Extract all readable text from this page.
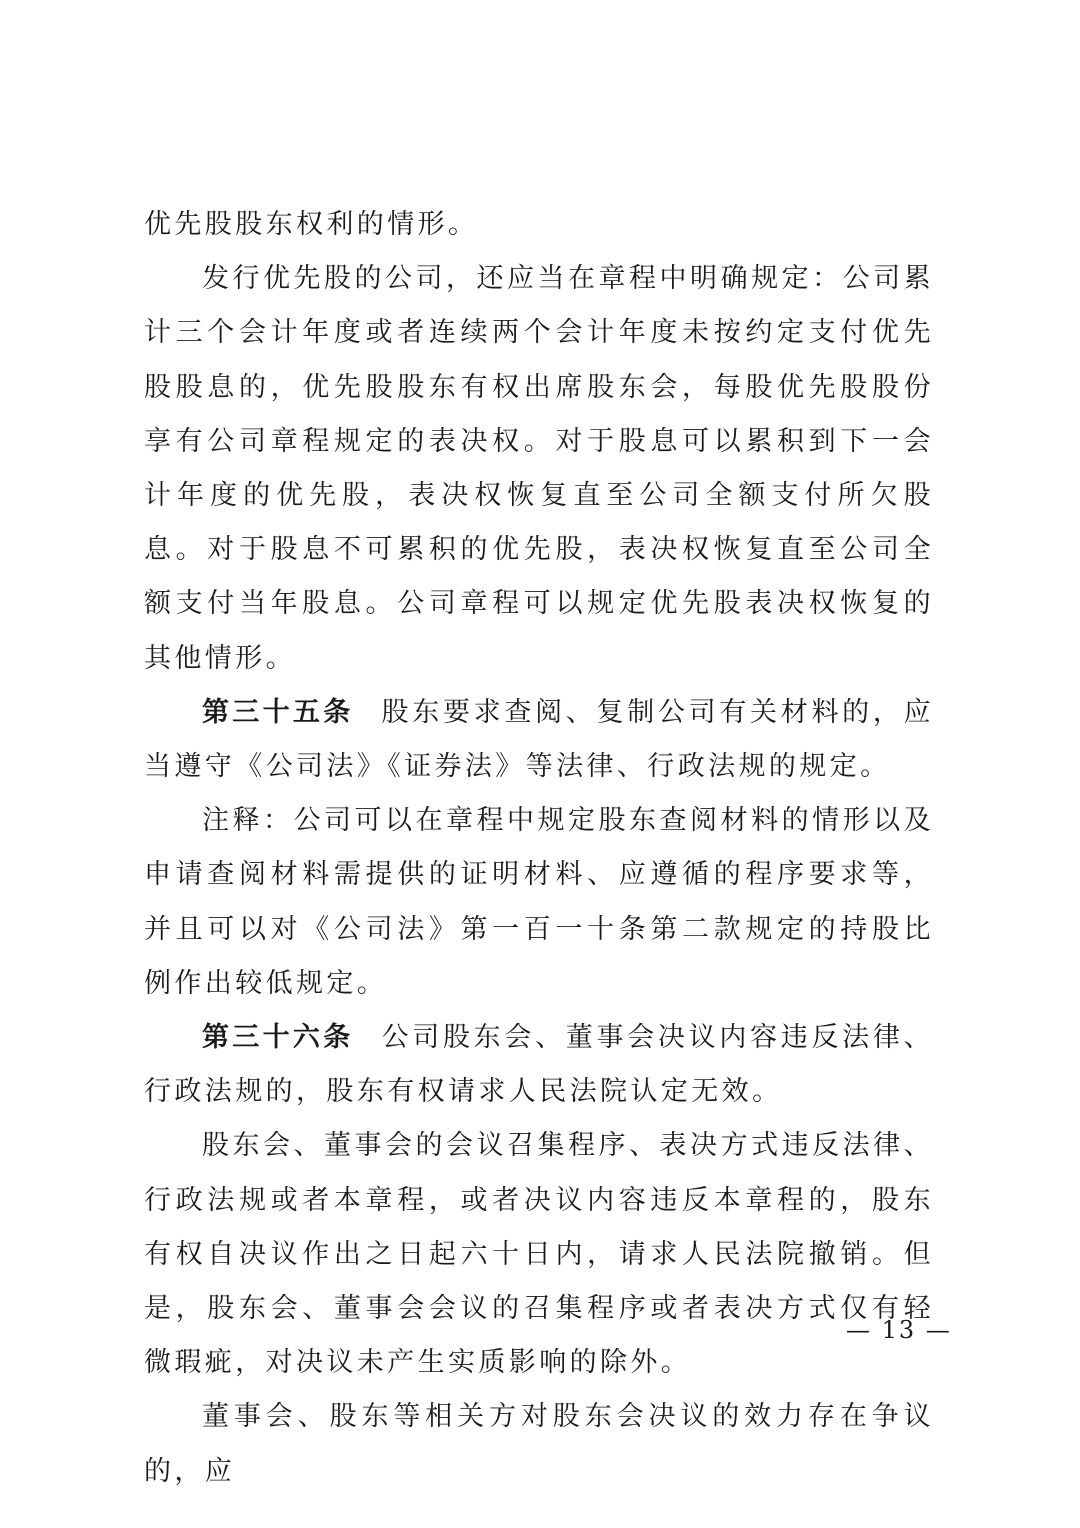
优先股股东权利的情形。

发行优先股的公司，还应当在章程中明确规定：公司累计三个会计年度或者连续两个会计年度未按约定支付优先股股息的，优先股股东有权出席股东会，每股优先股股份享有公司章程规定的表决权。对于股息可以累积到下一会计年度的优先股，表决权恢复直至公司全额支付所欠股息。对于股息不可累积的优先股，表决权恢复直至公司全额支付当年股息。公司章程可以规定优先股表决权恢复的其他情形。

第三十五条 股东要求查阅、复制公司有关材料的，应当遵守《公司法》《证券法》等法律、行政法规的规定。

注释：公司可以在章程中规定股东查阅材料的情形以及申请查阅材料需提供的证明材料、应遵循的程序要求等，并且可以对《公司法》第一百一十条第二款规定的持股比例作出较低规定。

第三十六条 公司股东会、董事会决议内容违反法律、行政法规的，股东有权请求人民法院认定无效。

股东会、董事会的会议召集程序、表决方式违反法律、行政法规或者本章程，或者决议内容违反本章程的，股东有权自决议作出之日起六十日内，请求人民法院撤销。但是，股东会、董事会会议的召集程序或者表决方式仅有轻微瑕疵，对决议未产生实质影响的除外。

董事会、股东等相关方对股东会决议的效力存在争议的，应

— 13 —
